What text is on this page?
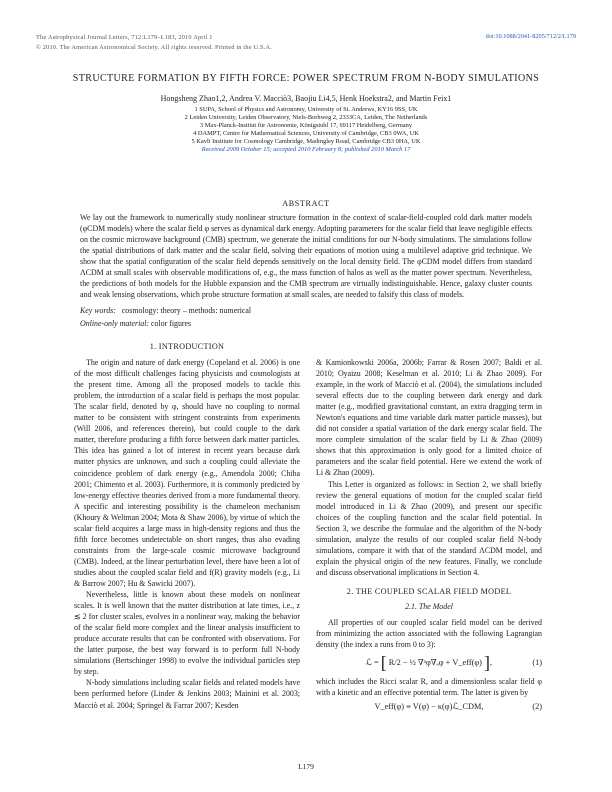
The Astrophysical Journal Letters, 712:L179–L183, 2010 April 1
© 2010. The American Astronomical Society. All rights reserved. Printed in the U.S.A.
doi:10.1088/2041-8205/712/2/L179
STRUCTURE FORMATION BY FIFTH FORCE: POWER SPECTRUM FROM N-BODY SIMULATIONS
Hongsheng Zhao1,2, Andrea V. Macciò3, Baojiu Li4,5, Henk Hoekstra2, and Martin Feix1
1 SUPA, School of Physics and Astronomy, University of St. Andrews, KY16 9SS, UK
2 Leiden University, Leiden Observatory, Niels-Borhweg 2, 2333CA, Leiden, The Netherlands
3 Max-Planck-Institut für Astronomie, Königstuhl 17, 69117 Heidelberg, Germany
4 DAMPT, Centre for Mathematical Sciences, University of Cambridge, CB3 0WA, UK
5 Kavli Institute for Cosmology Cambridge, Madingley Road, Cambridge CB3 0HA, UK
Received 2009 October 15; accepted 2010 February 8; published 2010 March 17
ABSTRACT
We lay out the framework to numerically study nonlinear structure formation in the context of scalar-field-coupled cold dark matter models (φCDM models) where the scalar field φ serves as dynamical dark energy. Adopting parameters for the scalar field that leave negligible effects on the cosmic microwave background (CMB) spectrum, we generate the initial conditions for our N-body simulations. The simulations follow the spatial distributions of dark matter and the scalar field, solving their equations of motion using a multilevel adaptive grid technique. We show that the spatial configuration of the scalar field depends sensitively on the local density field. The φCDM model differs from standard ΛCDM at small scales with observable modifications of, e.g., the mass function of halos as well as the matter power spectrum. Nevertheless, the predictions of both models for the Hubble expansion and the CMB spectrum are virtually indistinguishable. Hence, galaxy cluster counts and weak lensing observations, which probe structure formation at small scales, are needed to falsify this class of models.
Key words: cosmology: theory – methods: numerical
Online-only material: color figures
1. INTRODUCTION

The origin and nature of dark energy (Copeland et al. 2006) is one of the most difficult challenges facing physicists and cosmologists at the present time. Among all the proposed models to tackle this problem, the introduction of a scalar field is perhaps the most popular. The scalar field, denoted by φ, should have no coupling to normal matter to be consistent with stringent constraints from experiments (Will 2006, and references therein), but could couple to the dark matter, therefore producing a fifth force between dark matter particles. This idea has gained a lot of interest in recent years because dark matter physics are unknown, and such a coupling could alleviate the coincidence problem of dark energy (e.g., Amendola 2000; Chiba 2001; Chimento et al. 2003). Furthermore, it is commonly predicted by low-energy effective theories derived from a more fundamental theory. A specific and interesting possibility is the chameleon mechanism (Khoury & Weltman 2004; Mota & Shaw 2006), by virtue of which the scalar field acquires a large mass in high-density regions and thus the fifth force becomes undetectable on short ranges, thus also evading constraints from the large-scale cosmic microwave background (CMB). Indeed, at the linear perturbation level, there have been a lot of studies about the coupled scalar field and f(R) gravity models (e.g., Li & Barrow 2007; Hu & Sawicki 2007).

Nevertheless, little is known about these models on nonlinear scales. It is well known that the matter distribution at late times, i.e., z ≲ 2 for cluster scales, evolves in a nonlinear way, making the behavior of the scalar field more complex and the linear analysis insufficient to produce accurate results that can be confronted with observations. For the latter purpose, the best way forward is to perform full N-body simulations (Bertschinger 1998) to evolve the individual particles step by step.

N-body simulations including scalar fields and related models have been performed before (Linder & Jenkins 2003; Mainini et al. 2003; Macciò et al. 2004; Springel & Farrar 2007; Kesden

& Kamionkowski 2006a, 2006b; Farrar & Rosen 2007; Baldi et al. 2010; Oyaizu 2008; Keselman et al. 2010; Li & Zhao 2009). For example, in the work of Macciò et al. (2004), the simulations included several effects due to the coupling between dark energy and dark matter (e.g., modified gravitational constant, an extra dragging term in Newton's equations and time variable dark matter particle masses), but did not consider a spatial variation of the dark energy scalar field. The more complete simulation of the scalar field by Li & Zhao (2009) shows that this approximation is only good for a limited choice of parameters and the scalar field potential. Here we extend the work of Li & Zhao (2009).

This Letter is organized as follows: in Section 2, we shall briefly review the general equations of motion for the coupled scalar field model introduced in Li & Zhao (2009), and present our specific choices of the coupling function and the scalar field potential. In Section 3, we describe the formulae and the algorithm of the N-body simulation, analyze the results of our coupled scalar field N-body simulations, compare it with that of the standard ΛCDM model, and explain the physical origin of the new features. Finally, we conclude and discuss observational implications in Section 4.

2. THE COUPLED SCALAR FIELD MODEL
2.1. The Model

All properties of our coupled scalar field model can be derived from minimizing the action associated with the following Lagrangian density (the index a runs from 0 to 3):

ℒ = [ R/2 − ½ ∇ᵃφ∇ₐφ + V_eff(φ) ],	(1)

which includes the Ricci scalar R, and a dimensionless scalar field φ with a kinetic and an effective potential term. The latter is given by

V_eff(φ) ≡ V(φ) − κ(φ)ℒ_CDM,	(2)
L179
